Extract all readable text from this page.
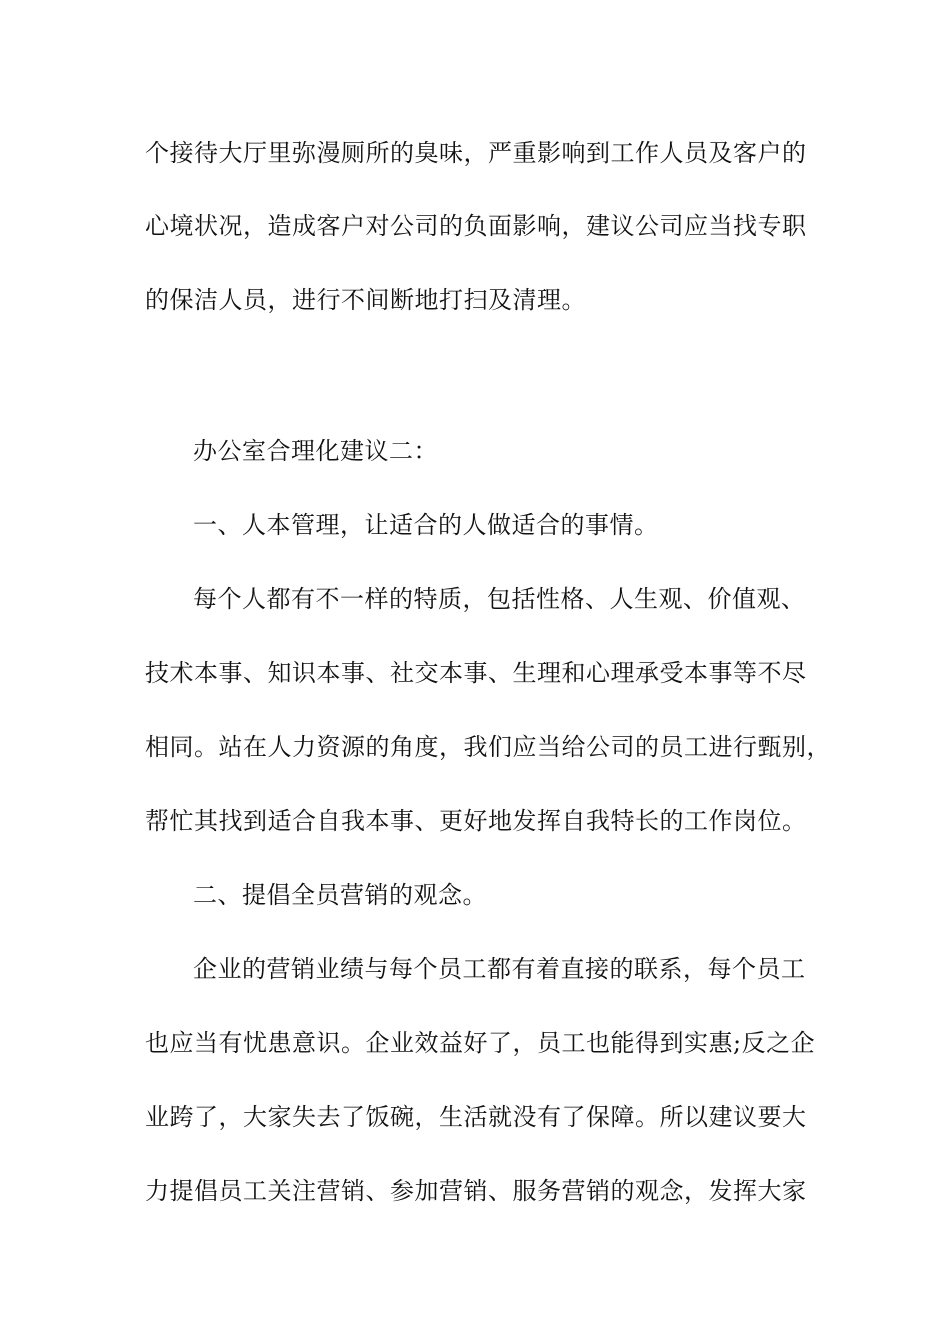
个接待大厅里弥漫厕所的臭味，严重影响到工作人员及客户的
心境状况，造成客户对公司的负面影响，建议公司应当找专职
的保洁人员，进行不间断地打扫及清理。
办公室合理化建议二：
一、人本管理，让适合的人做适合的事情。
每个人都有不一样的特质，包括性格、人生观、价值观、
技术本事、知识本事、社交本事、生理和心理承受本事等不尽
相同。站在人力资源的角度，我们应当给公司的员工进行甄别，
帮忙其找到适合自我本事、更好地发挥自我特长的工作岗位。
二、提倡全员营销的观念。
企业的营销业绩与每个员工都有着直接的联系，每个员工
也应当有忧患意识。企业效益好了，员工也能得到实惠;反之企
业跨了，大家失去了饭碗，生活就没有了保障。所以建议要大
力提倡员工关注营销、参加营销、服务营销的观念，发挥大家
